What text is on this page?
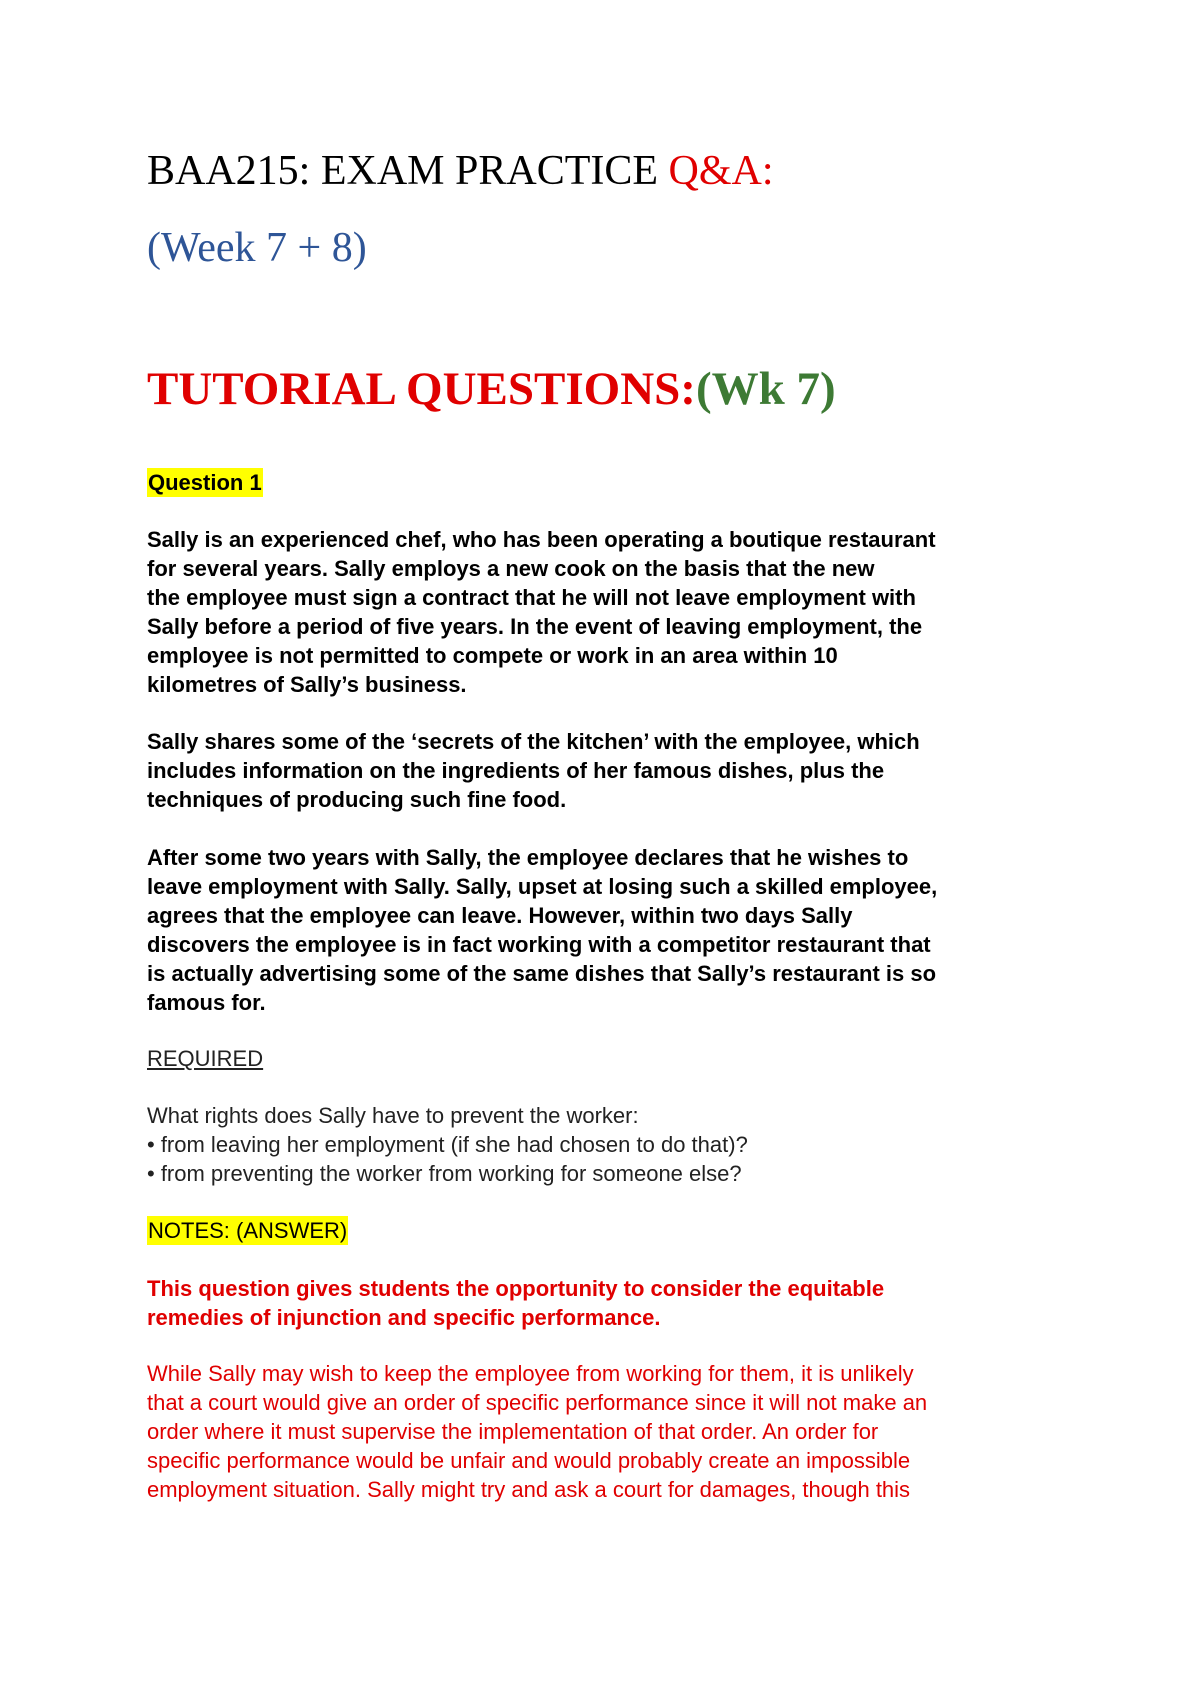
BAA215: EXAM PRACTICE Q&A:
(Week 7 + 8)
TUTORIAL QUESTIONS:(Wk 7)
Question 1
Sally is an experienced chef, who has been operating a boutique restaurant
for several years. Sally employs a new cook on the basis that the new
the employee must sign a contract that he will not leave employment with
Sally before a period of five years. In the event of leaving employment, the
employee is not permitted to compete or work in an area within 10
kilometres of Sally’s business.
Sally shares some of the ‘secrets of the kitchen’ with the employee, which
includes information on the ingredients of her famous dishes, plus the
techniques of producing such fine food.
After some two years with Sally, the employee declares that he wishes to
leave employment with Sally. Sally, upset at losing such a skilled employee,
agrees that the employee can leave. However, within two days Sally
discovers the employee is in fact working with a competitor restaurant that
is actually advertising some of the same dishes that Sally’s restaurant is so
famous for.
REQUIRED
What rights does Sally have to prevent the worker:
• from leaving her employment (if she had chosen to do that)?
• from preventing the worker from working for someone else?
NOTES: (ANSWER)
This question gives students the opportunity to consider the equitable
remedies of injunction and specific performance.
While Sally may wish to keep the employee from working for them, it is unlikely
that a court would give an order of specific performance since it will not make an
order where it must supervise the implementation of that order. An order for
specific performance would be unfair and would probably create an impossible
employment situation. Sally might try and ask a court for damages, though this
